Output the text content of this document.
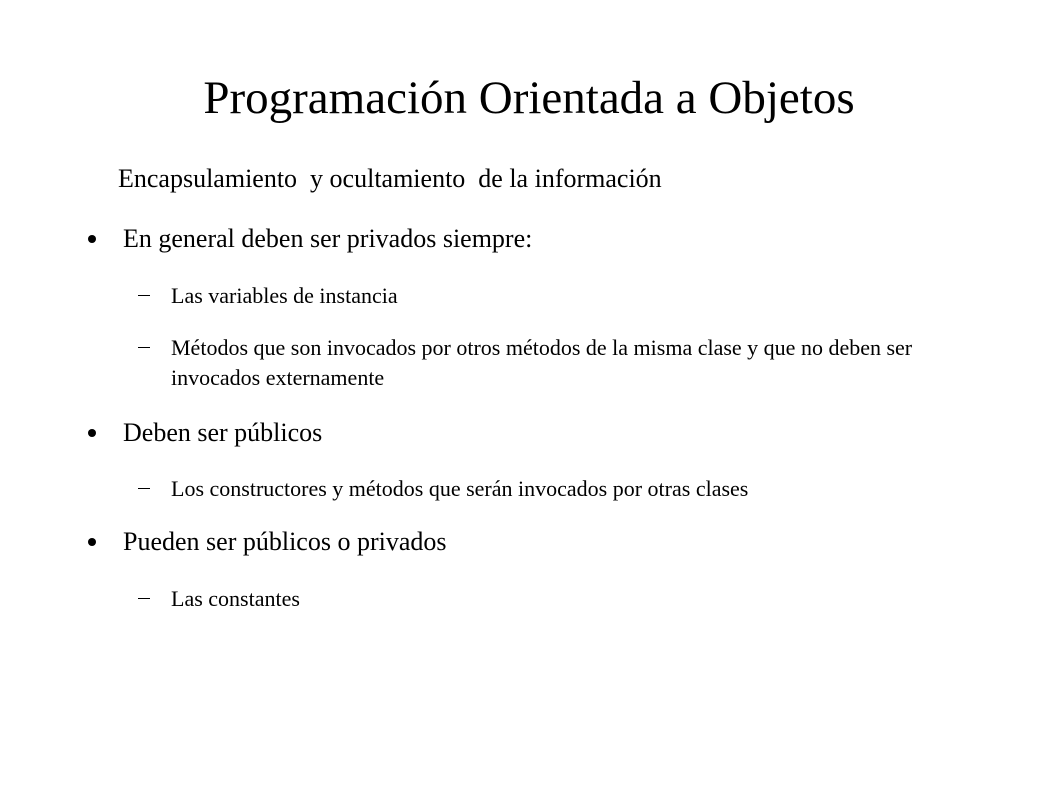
Programación Orientada a Objetos
Encapsulamiento  y ocultamiento  de la información
En general deben ser privados siempre:
Las variables de instancia
Métodos que son invocados por otros métodos de la misma clase y que no deben ser invocados externamente
Deben ser públicos
Los constructores y métodos que serán invocados por otras clases
Pueden ser públicos o privados
Las constantes
